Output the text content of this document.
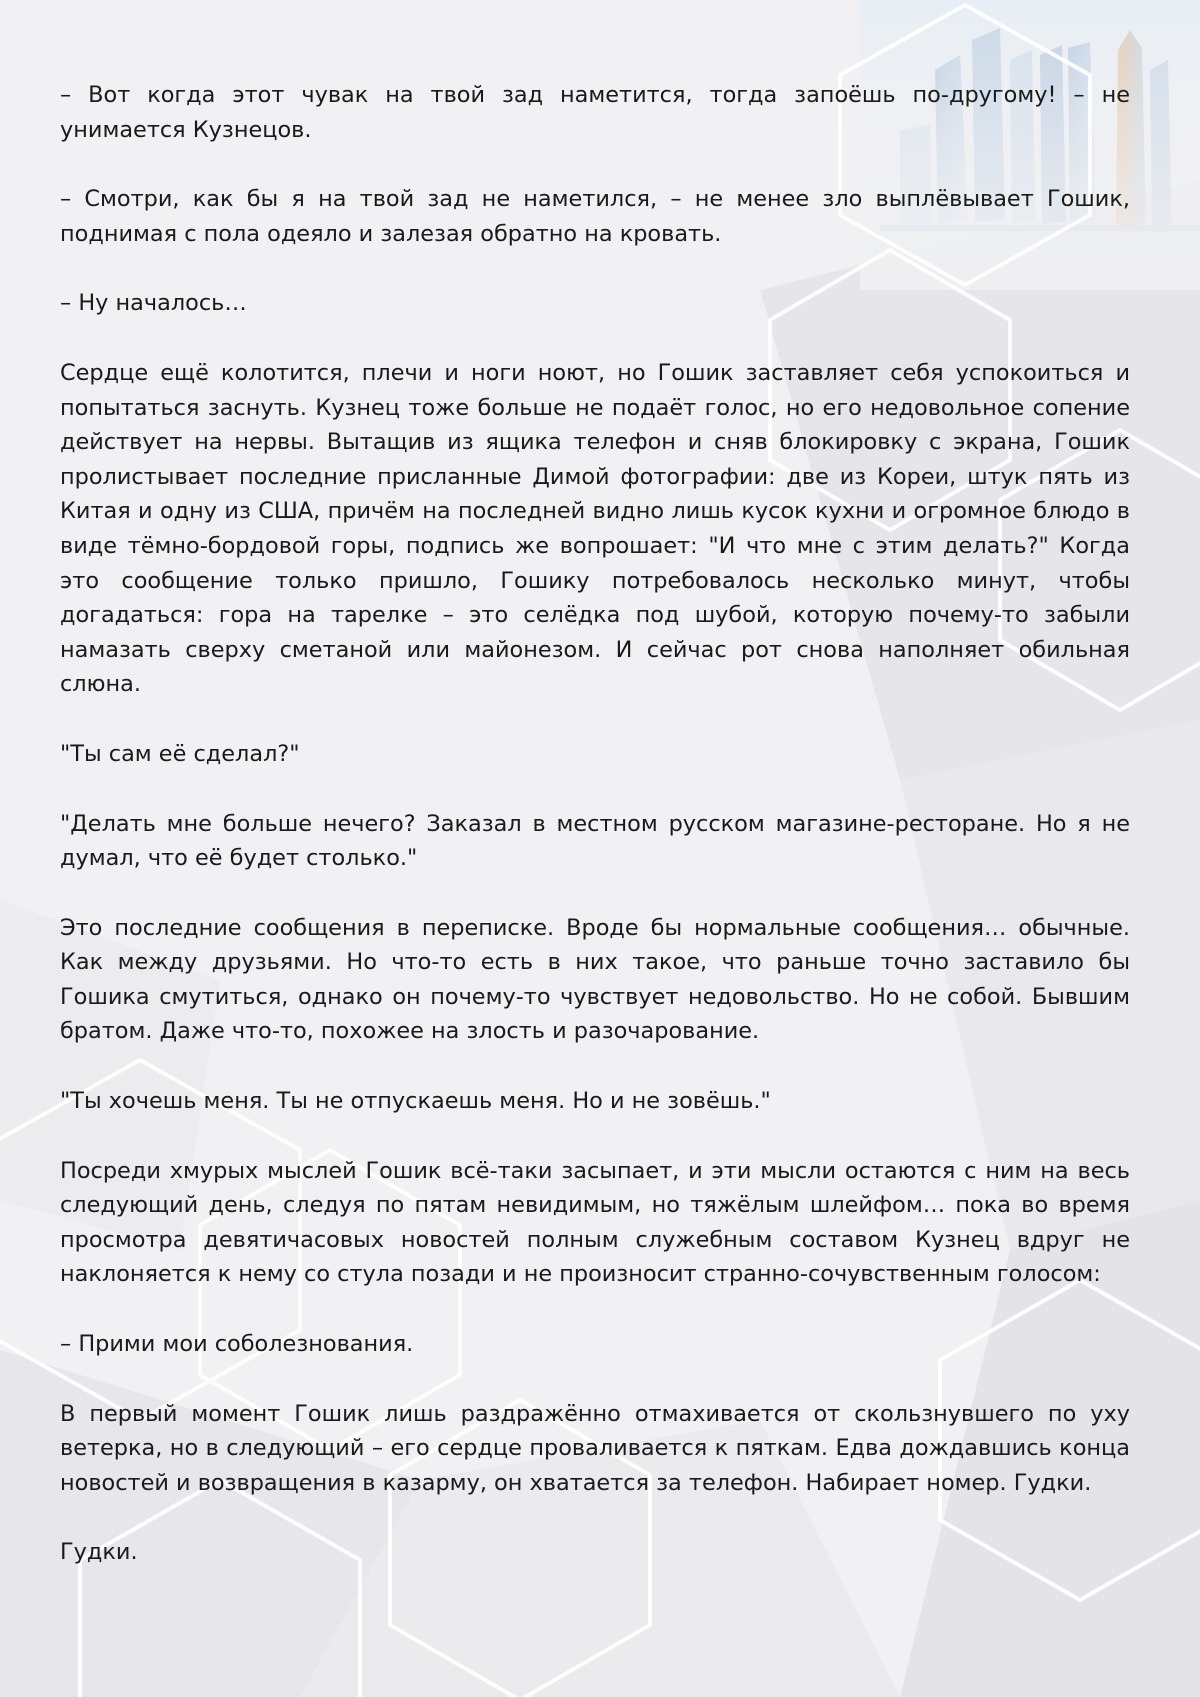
– Вот когда этот чувак на твой зад наметится, тогда запоёшь по-другому! – не унимается Кузнецов.

– Смотри, как бы я на твой зад не наметился, – не менее зло выплёвывает Гошик, поднимая с пола одеяло и залезая обратно на кровать.

– Ну началось…

Сердце ещё колотится, плечи и ноги ноют, но Гошик заставляет себя успокоиться и попытаться заснуть. Кузнец тоже больше не подаёт голос, но его недовольное сопение действует на нервы. Вытащив из ящика телефон и сняв блокировку с экрана, Гошик пролистывает последние присланные Димой фотографии: две из Кореи, штук пять из Китая и одну из США, причём на последней видно лишь кусок кухни и огромное блюдо в виде тёмно-бордовой горы, подпись же вопрошает: "И что мне с этим делать?" Когда это сообщение только пришло, Гошику потребовалось несколько минут, чтобы догадаться: гора на тарелке – это селёдка под шубой, которую почему-то забыли намазать сверху сметаной или майонезом. И сейчас рот снова наполняет обильная слюна.

"Ты сам её сделал?"

"Делать мне больше нечего? Заказал в местном русском магазине-ресторане. Но я не думал, что её будет столько."

Это последние сообщения в переписке. Вроде бы нормальные сообщения… обычные. Как между друзьями. Но что-то есть в них такое, что раньше точно заставило бы Гошика смутиться, однако он почему-то чувствует недовольство. Но не собой. Бывшим братом. Даже что-то, похожее на злость и разочарование.

"Ты хочешь меня. Ты не отпускаешь меня. Но и не зовёшь."

Посреди хмурых мыслей Гошик всё-таки засыпает, и эти мысли остаются с ним на весь следующий день, следуя по пятам невидимым, но тяжёлым шлейфом… пока во время просмотра девятичасовых новостей полным служебным составом Кузнец вдруг не наклоняется к нему со стула позади и не произносит странно-сочувственным голосом:

– Прими мои соболезнования.

В первый момент Гошик лишь раздражённо отмахивается от скользнувшего по уху ветерка, но в следующий – его сердце проваливается к пяткам. Едва дождавшись конца новостей и возвращения в казарму, он хватается за телефон. Набирает номер. Гудки.

Гудки.
